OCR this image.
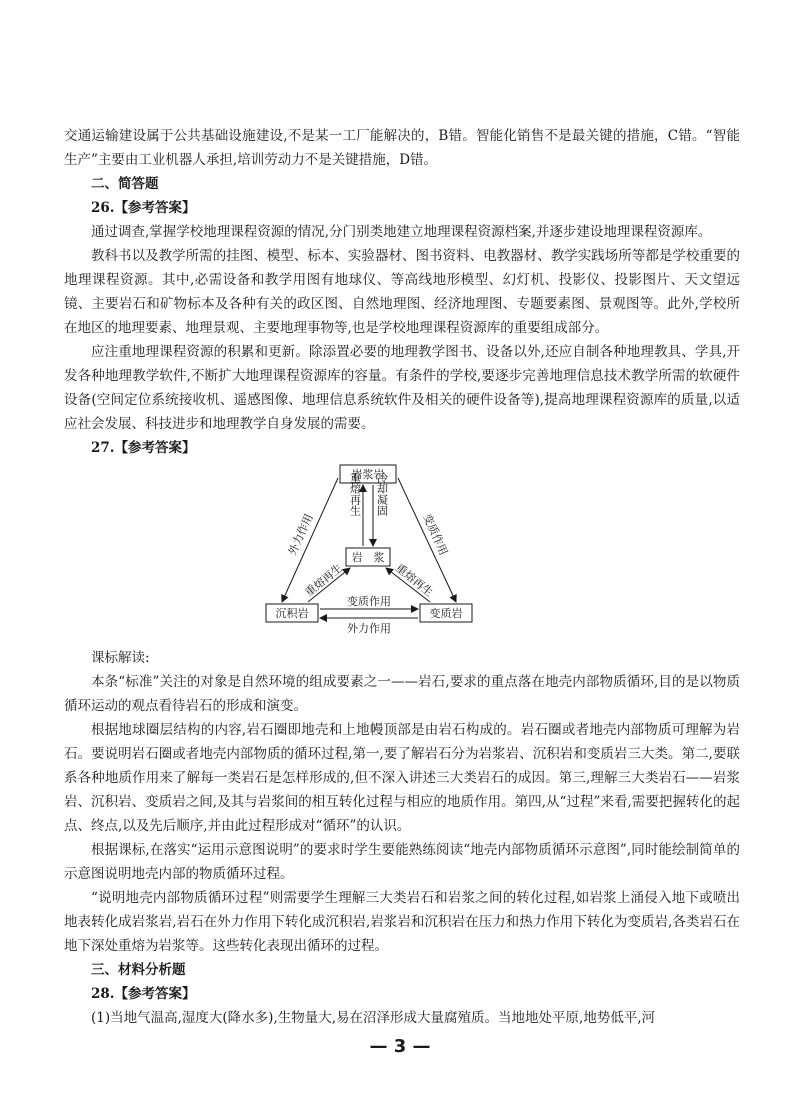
交通运输建设属于公共基础设施建设,不是某一工厂能解决的，B错。智能化销售不是最关键的措施，C错。“智能生产”主要由工业机器人承担,培训劳动力不是关键措施，D错。

二、简答题

26.【参考答案】

通过调查,掌握学校地理课程资源的情况,分门别类地建立地理课程资源档案,并逐步建设地理课程资源库。

教科书以及教学所需的挂图、模型、标本、实验器材、图书资料、电教器材、教学实践场所等都是学校重要的地理课程资源。其中,必需设备和教学用图有地球仪、等高线地形模型、幻灯机、投影仪、投影图片、天文望远镜、主要岩石和矿物标本及各种有关的政区图、自然地理图、经济地理图、专题要素图、景观图等。此外,学校所在地区的地理要素、地理景观、主要地理事物等,也是学校地理课程资源库的重要组成部分。

应注重地理课程资源的积累和更新。除添置必要的地理教学图书、设备以外,还应自制各种地理教具、学具,开发各种地理教学软件,不断扩大地理课程资源库的容量。有条件的学校,要逐步完善地理信息技术教学所需的软硬件设备(空间定位系统接收机、遥感图像、地理信息系统软件及相关的硬件设备等),提高地理课程资源库的质量,以适应社会发展、科技进步和地理教学自身发展的需要。

27.【参考答案】

岩浆岩
岩　浆
沉积岩	变质岩
重熔再生 冷却凝固
外力作用	变质作用
重熔再生	重熔再生
变质作用
外力作用

课标解读:

本条“标准”关注的对象是自然环境的组成要素之一——岩石,要求的重点落在地壳内部物质循环,目的是以物质循环运动的观点看待岩石的形成和演变。

根据地球圈层结构的内容,岩石圈即地壳和上地幔顶部是由岩石构成的。岩石圈或者地壳内部物质可理解为岩石。要说明岩石圈或者地壳内部物质的循环过程,第一,要了解岩石分为岩浆岩、沉积岩和变质岩三大类。第二,要联系各种地质作用来了解每一类岩石是怎样形成的,但不深入讲述三大类岩石的成因。第三,理解三大类岩石——岩浆岩、沉积岩、变质岩之间,及其与岩浆间的相互转化过程与相应的地质作用。第四,从“过程”来看,需要把握转化的起点、终点,以及先后顺序,并由此过程形成对“循环”的认识。

根据课标,在落实“运用示意图说明”的要求时学生要能熟练阅读“地壳内部物质循环示意图”,同时能绘制简单的示意图说明地壳内部的物质循环过程。

“说明地壳内部物质循环过程”则需要学生理解三大类岩石和岩浆之间的转化过程,如岩浆上涌侵入地下或喷出地表转化成岩浆岩,岩石在外力作用下转化成沉积岩,岩浆岩和沉积岩在压力和热力作用下转化为变质岩,各类岩石在地下深处重熔为岩浆等。这些转化表现出循环的过程。

三、材料分析题

28.【参考答案】

(1)当地气温高,湿度大(降水多),生物量大,易在沼泽形成大量腐殖质。当地地处平原,地势低平,河

— 3 —
